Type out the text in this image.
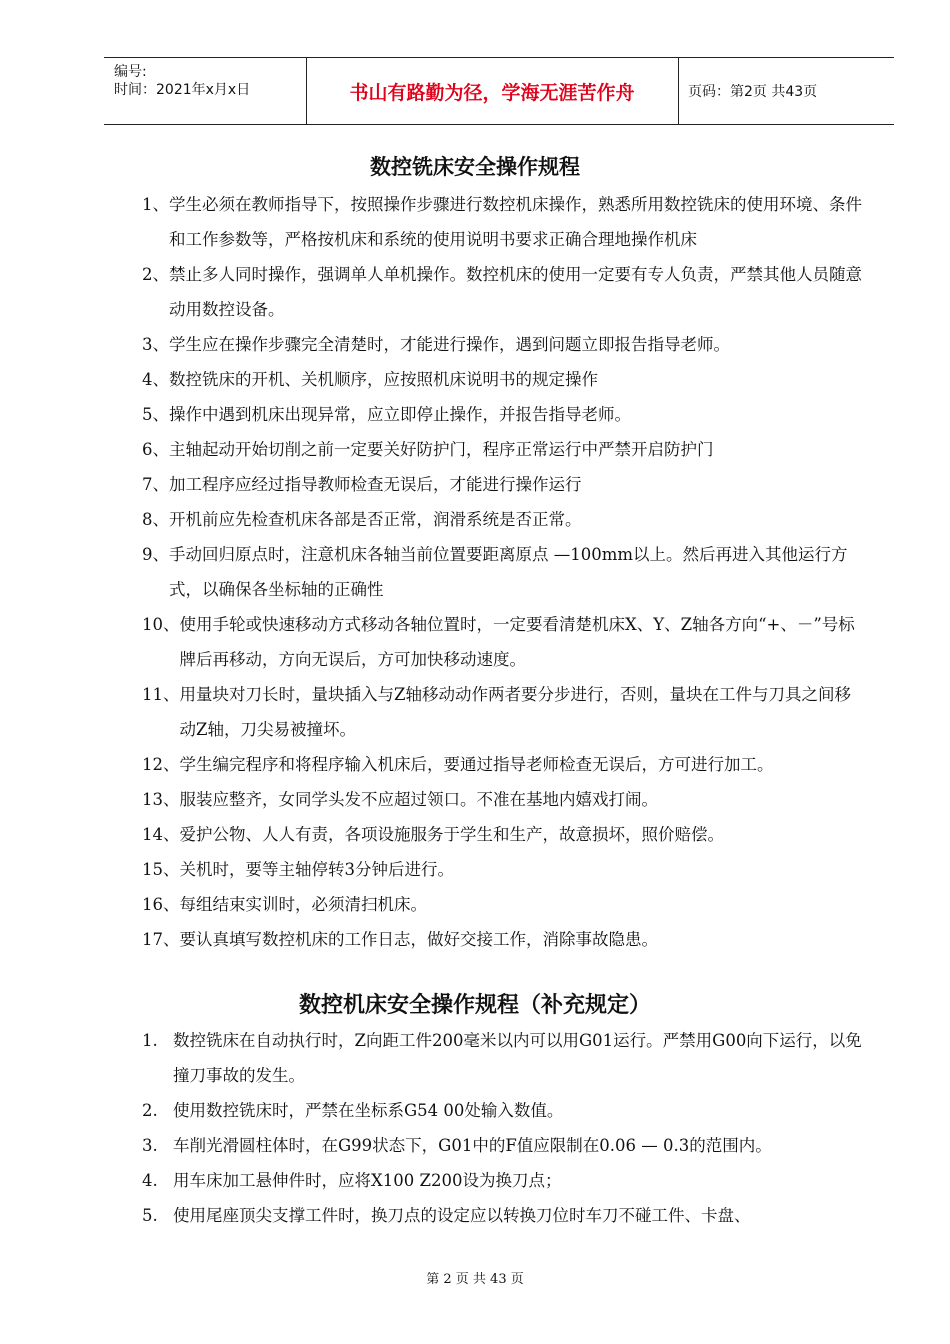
编号:
时间：2021年x月x日	书山有路勤为径，学海无涯苦作舟	页码：第2页 共43页
数控铣床安全操作规程
1、 学生必须在教师指导下，按照操作步骤进行数控机床操作，熟悉所用数控铣床的使用环境、条件和工作参数等，严格按机床和系统的使用说明书要求正确合理地操作机床
2、 禁止多人同时操作，强调单人单机操作。数控机床的使用一定要有专人负责，严禁其他人员随意动用数控设备。
3、 学生应在操作步骤完全清楚时，才能进行操作，遇到问题立即报告指导老师。
4、 数控铣床的开机、关机顺序，应按照机床说明书的规定操作
5、 操作中遇到机床出现异常，应立即停止操作，并报告指导老师。
6、 主轴起动开始切削之前一定要关好防护门，程序正常运行中严禁开启防护门
7、 加工程序应经过指导教师检查无误后，才能进行操作运行
8、 开机前应先检查机床各部是否正常，润滑系统是否正常。
9、 手动回归原点时，注意机床各轴当前位置要距离原点 —100mm以上。然后再进入其他运行方式，以确保各坐标轴的正确性
10、 使用手轮或快速移动方式移动各轴位置时，一定要看清楚机床X、Y、Z轴各方向“+、－”号标牌后再移动，方向无误后，方可加快移动速度。
11、 用量块对刀长时，量块插入与Z轴移动动作两者要分步进行，否则，量块在工件与刀具之间移动Z轴，刀尖易被撞坏。
12、 学生编完程序和将程序输入机床后，要通过指导老师检查无误后，方可进行加工。
13、 服装应整齐，女同学头发不应超过领口。不准在基地内嬉戏打闹。
14、 爱护公物、人人有责，各项设施服务于学生和生产，故意损坏，照价赔偿。
15、 关机时，要等主轴停转3分钟后进行。
16、 每组结束实训时，必须清扫机床。
17、 要认真填写数控机床的工作日志，做好交接工作，消除事故隐患。
数控机床安全操作规程（补充规定）
1. 数控铣床在自动执行时，Z向距工件200毫米以内可以用G01运行。严禁用G00向下运行，以免撞刀事故的发生。
2. 使用数控铣床时，严禁在坐标系G54 00处输入数值。
3. 车削光滑圆柱体时，在G99状态下，G01中的F值应限制在0.06 — 0.3的范围内。
4. 用车床加工悬伸件时，应将X100 Z200设为换刀点；
5. 使用尾座顶尖支撑工件时，换刀点的设定应以转换刀位时车刀不碰工件、卡盘、
第 2 页 共 43 页
